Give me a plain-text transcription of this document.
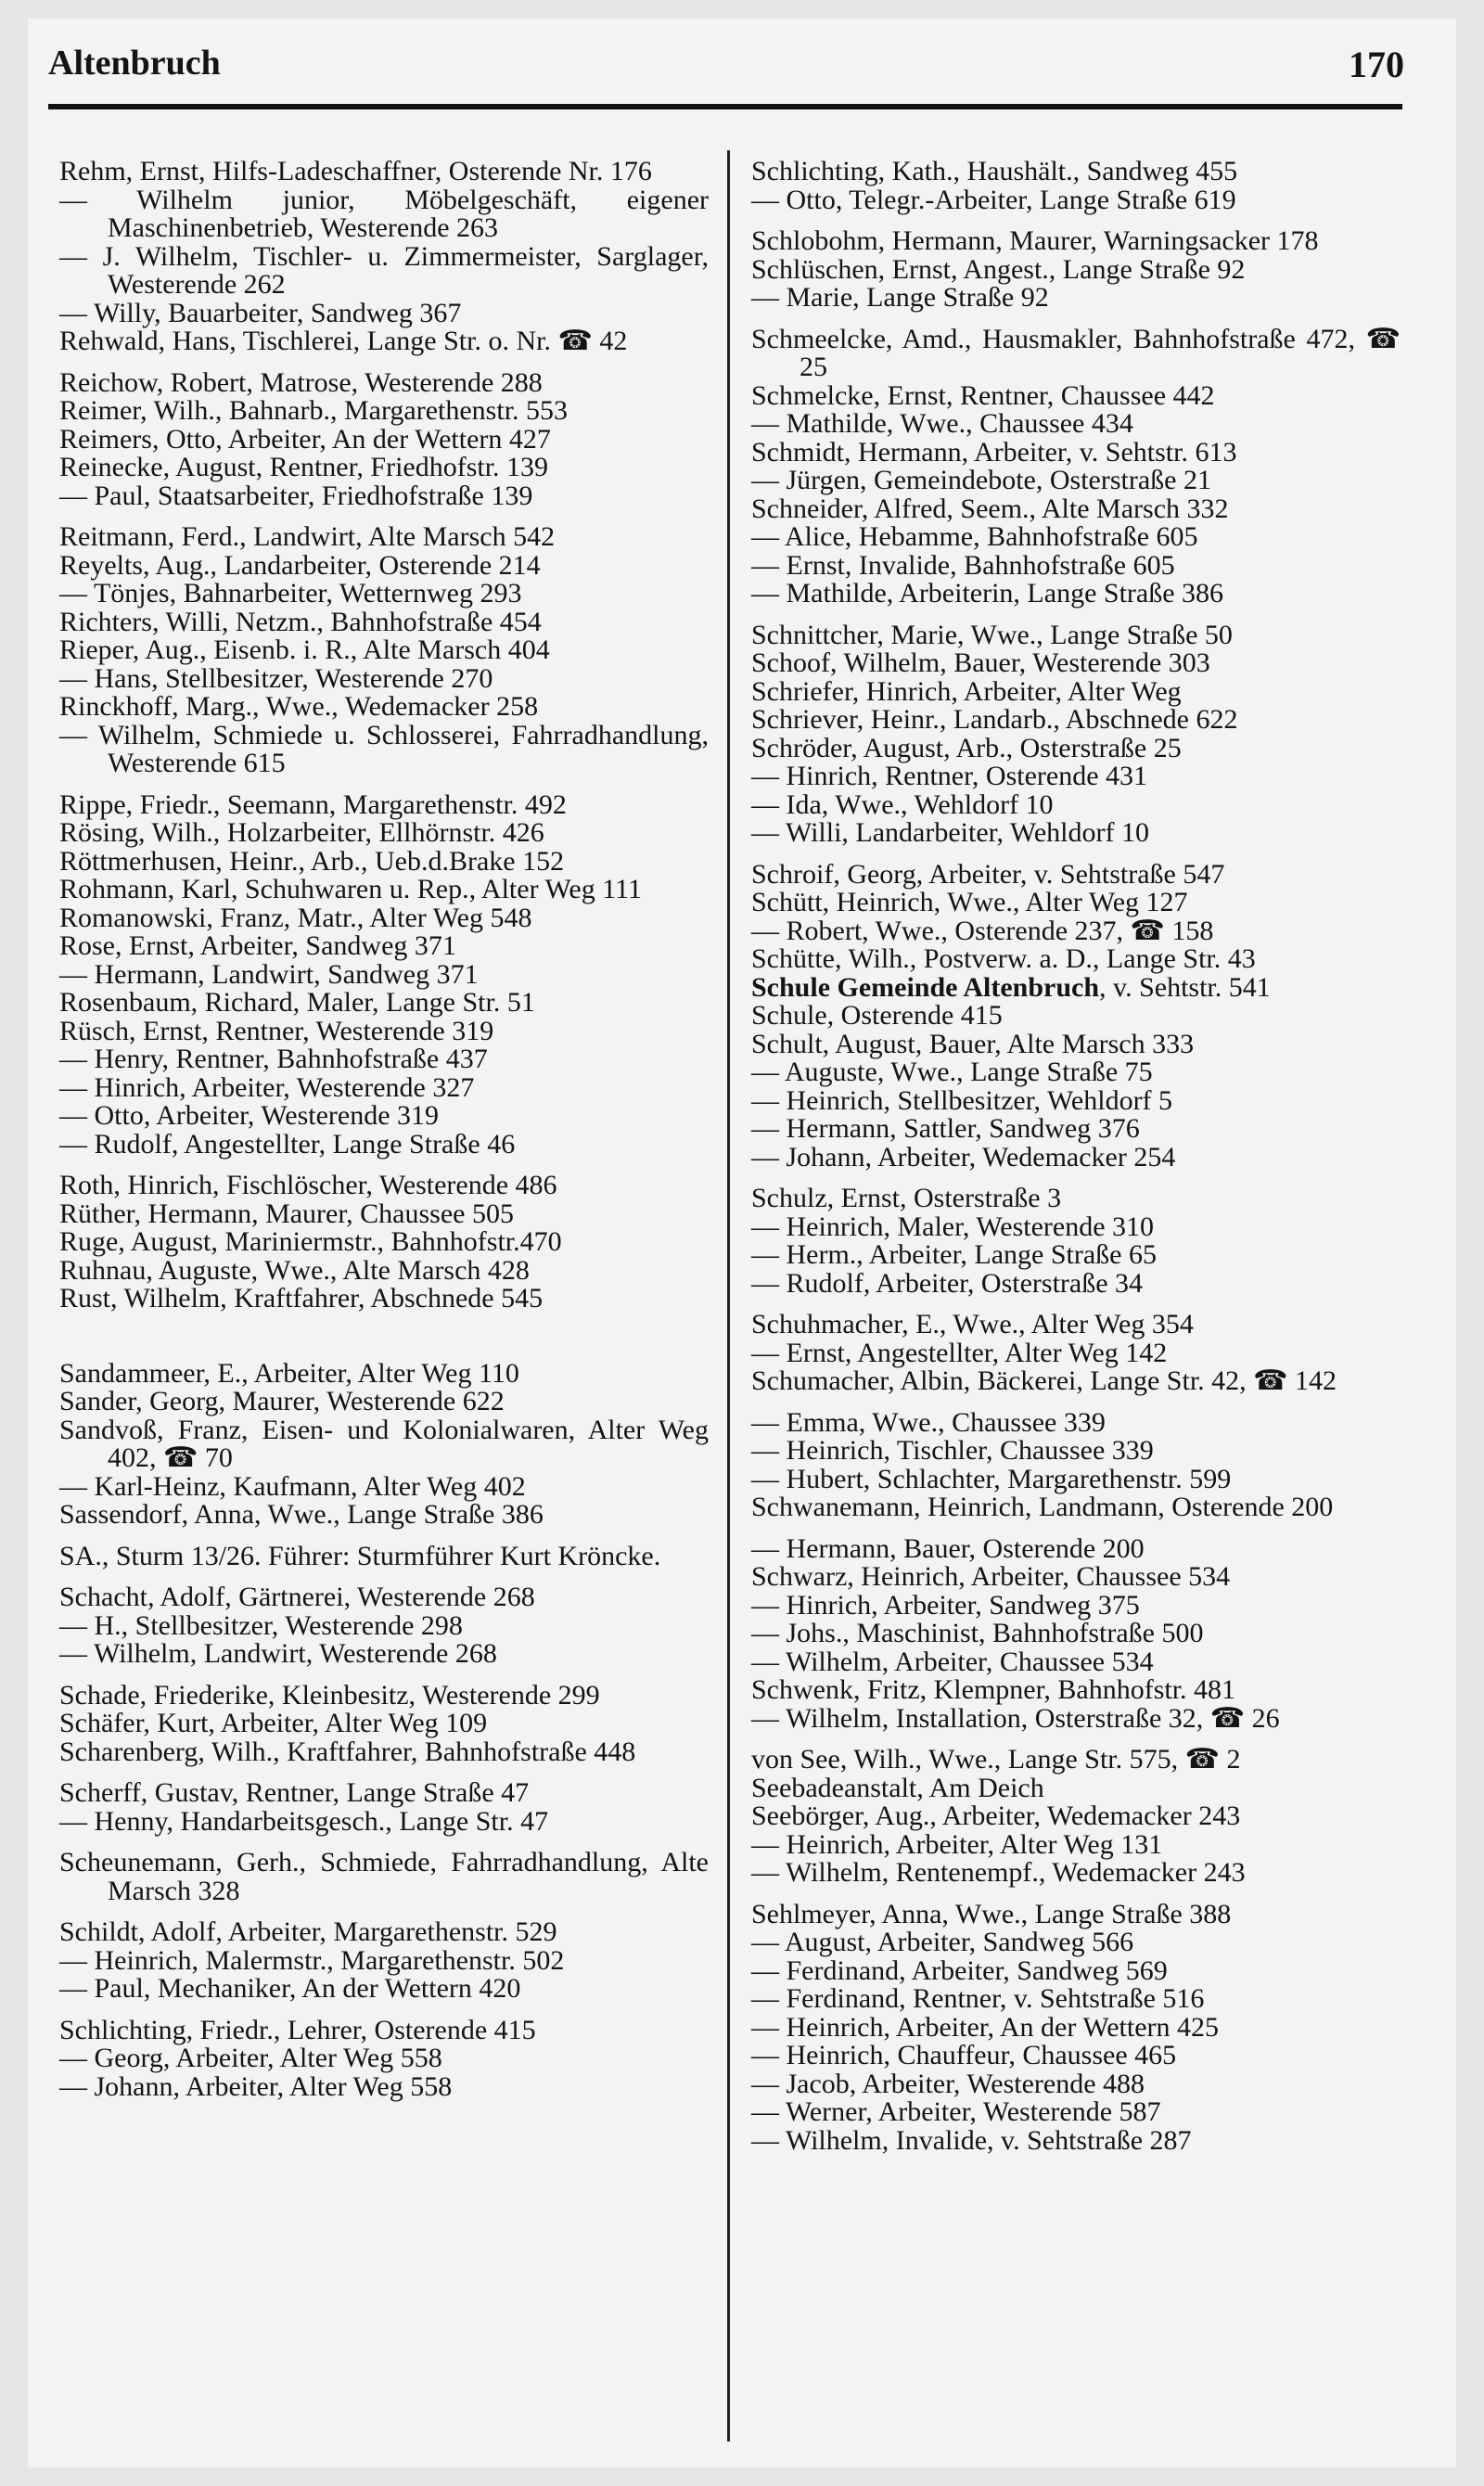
Altenbruch	170
Rehm, Ernst, Hilfs-Ladeschaffner, Osterende Nr. 176
— Wilhelm junior, Möbelgeschäft, eigener Maschinenbetrieb, Westerende 263
— J. Wilhelm, Tischler- u. Zimmermeister, Sarglager, Westerende 262
— Willy, Bauarbeiter, Sandweg 367
Rehwald, Hans, Tischlerei, Lange Str. o. Nr. ☎ 42
Reichow, Robert, Matrose, Westerende 288
Reimer, Wilh., Bahnarb., Margarethenstr. 553
Reimers, Otto, Arbeiter, An der Wettern 427
Reinecke, August, Rentner, Friedhofstr. 139
— Paul, Staatsarbeiter, Friedhofstraße 139
Reitmann, Ferd., Landwirt, Alte Marsch 542
Reyelts, Aug., Landarbeiter, Osterende 214
— Tönjes, Bahnarbeiter, Wetternweg 293
Richters, Willi, Netzm., Bahnhofstraße 454
Rieper, Aug., Eisenb. i. R., Alte Marsch 404
— Hans, Stellbesitzer, Westerende 270
Rinckhoff, Marg., Wwe., Wedemacker 258
— Wilhelm, Schmiede u. Schlosserei, Fahrradhandlung, Westerende 615
Rippe, Friedr., Seemann, Margarethenstr. 492
Rösing, Wilh., Holzarbeiter, Ellhörnstr. 426
Röttmerhusen, Heinr., Arb., Ueb.d.Brake 152
Rohmann, Karl, Schuhwaren u. Rep., Alter Weg 111
Romanowski, Franz, Matr., Alter Weg 548
Rose, Ernst, Arbeiter, Sandweg 371
— Hermann, Landwirt, Sandweg 371
Rosenbaum, Richard, Maler, Lange Str. 51
Rüsch, Ernst, Rentner, Westerende 319
— Henry, Rentner, Bahnhofstraße 437
— Hinrich, Arbeiter, Westerende 327
— Otto, Arbeiter, Westerende 319
— Rudolf, Angestellter, Lange Straße 46
Roth, Hinrich, Fischlöscher, Westerende 486
Rüther, Hermann, Maurer, Chaussee 505
Ruge, August, Mariniermstr., Bahnhofstr.470
Ruhnau, Auguste, Wwe., Alte Marsch 428
Rust, Wilhelm, Kraftfahrer, Abschnede 545
Sandammeer, E., Arbeiter, Alter Weg 110
Sander, Georg, Maurer, Westerende 622
Sandvoß, Franz, Eisen- und Kolonialwaren, Alter Weg 402, ☎ 70
— Karl-Heinz, Kaufmann, Alter Weg 402
Sassendorf, Anna, Wwe., Lange Straße 386
SA., Sturm 13/26. Führer: Sturmführer Kurt Kröncke.
Schacht, Adolf, Gärtnerei, Westerende 268
— H., Stellbesitzer, Westerende 298
— Wilhelm, Landwirt, Westerende 268
Schade, Friederike, Kleinbesitz, Westerende 299
Schäfer, Kurt, Arbeiter, Alter Weg 109
Scharenberg, Wilh., Kraftfahrer, Bahnhofstraße 448
Scherff, Gustav, Rentner, Lange Straße 47
— Henny, Handarbeitsgesch., Lange Str. 47
Scheunemann, Gerh., Schmiede, Fahrradhandlung, Alte Marsch 328
Schildt, Adolf, Arbeiter, Margarethenstr. 529
— Heinrich, Malermstr., Margarethenstr. 502
— Paul, Mechaniker, An der Wettern 420
Schlichting, Friedr., Lehrer, Osterende 415
— Georg, Arbeiter, Alter Weg 558
— Johann, Arbeiter, Alter Weg 558
Schlichting, Kath., Haushält., Sandweg 455
— Otto, Telegr.-Arbeiter, Lange Straße 619
Schlobohm, Hermann, Maurer, Warningsacker 178
Schlüschen, Ernst, Angest., Lange Straße 92
— Marie, Lange Straße 92
Schmeelcke, Amd., Hausmakler, Bahnhofstraße 472, ☎ 25
Schmelcke, Ernst, Rentner, Chaussee 442
— Mathilde, Wwe., Chaussee 434
Schmidt, Hermann, Arbeiter, v. Sehtstr. 613
— Jürgen, Gemeindebote, Osterstraße 21
Schneider, Alfred, Seem., Alte Marsch 332
— Alice, Hebamme, Bahnhofstraße 605
— Ernst, Invalide, Bahnhofstraße 605
— Mathilde, Arbeiterin, Lange Straße 386
Schnittcher, Marie, Wwe., Lange Straße 50
Schoof, Wilhelm, Bauer, Westerende 303
Schriefer, Hinrich, Arbeiter, Alter Weg
Schriever, Heinr., Landarb., Abschnede 622
Schröder, August, Arb., Osterstraße 25
— Hinrich, Rentner, Osterende 431
— Ida, Wwe., Wehldorf 10
— Willi, Landarbeiter, Wehldorf 10
Schroif, Georg, Arbeiter, v. Sehtstraße 547
Schütt, Heinrich, Wwe., Alter Weg 127
— Robert, Wwe., Osterende 237, ☎ 158
Schütte, Wilh., Postverw. a. D., Lange Str. 43
Schule Gemeinde Altenbruch, v. Sehtstr. 541
Schule, Osterende 415
Schult, August, Bauer, Alte Marsch 333
— Auguste, Wwe., Lange Straße 75
— Heinrich, Stellbesitzer, Wehldorf 5
— Hermann, Sattler, Sandweg 376
— Johann, Arbeiter, Wedemacker 254
Schulz, Ernst, Osterstraße 3
— Heinrich, Maler, Westerende 310
— Herm., Arbeiter, Lange Straße 65
— Rudolf, Arbeiter, Osterstraße 34
Schuhmacher, E., Wwe., Alter Weg 354
— Ernst, Angestellter, Alter Weg 142
Schumacher, Albin, Bäckerei, Lange Str. 42, ☎ 142
— Emma, Wwe., Chaussee 339
— Heinrich, Tischler, Chaussee 339
— Hubert, Schlachter, Margarethenstr. 599
Schwanemann, Heinrich, Landmann, Osterende 200
— Hermann, Bauer, Osterende 200
Schwarz, Heinrich, Arbeiter, Chaussee 534
— Hinrich, Arbeiter, Sandweg 375
— Johs., Maschinist, Bahnhofstraße 500
— Wilhelm, Arbeiter, Chaussee 534
Schwenk, Fritz, Klempner, Bahnhofstr. 481
— Wilhelm, Installation, Osterstraße 32, ☎ 26
von See, Wilh., Wwe., Lange Str. 575, ☎ 2
Seebadeanstalt, Am Deich
Seebörger, Aug., Arbeiter, Wedemacker 243
— Heinrich, Arbeiter, Alter Weg 131
— Wilhelm, Rentenempf., Wedemacker 243
Sehlmeyer, Anna, Wwe., Lange Straße 388
— August, Arbeiter, Sandweg 566
— Ferdinand, Arbeiter, Sandweg 569
— Ferdinand, Rentner, v. Sehtstraße 516
— Heinrich, Arbeiter, An der Wettern 425
— Heinrich, Chauffeur, Chaussee 465
— Jacob, Arbeiter, Westerende 488
— Werner, Arbeiter, Westerende 587
— Wilhelm, Invalide, v. Sehtstraße 287
